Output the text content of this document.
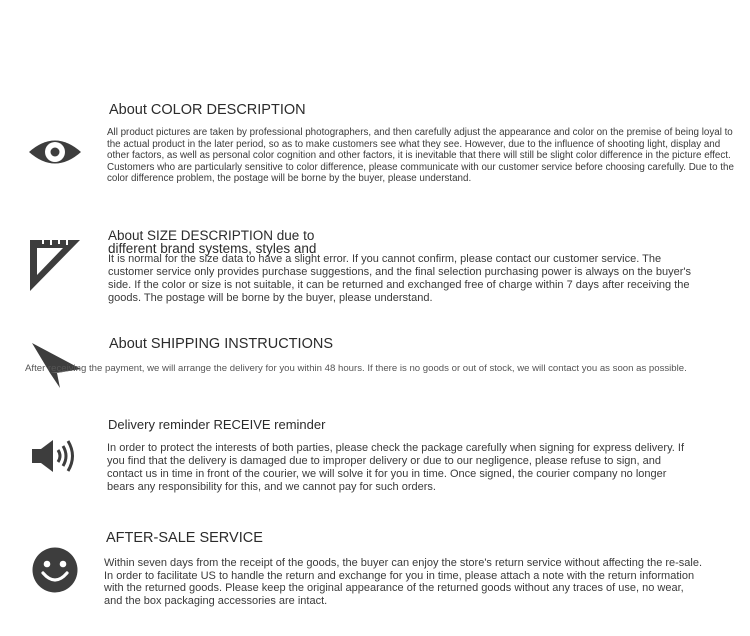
About COLOR DESCRIPTION
All product pictures are taken by professional photographers, and then carefully adjust the appearance and color on the premise of being loyal to the actual product in the later period, so as to make customers see what they see. However, due to the influence of shooting light, display and other factors, as well as personal color cognition and other factors, it is inevitable that there will still be slight color difference in the picture effect. Customers who are particularly sensitive to color difference, please communicate with our customer service before choosing carefully. Due to the color difference problem, the postage will be borne by the buyer, please understand.
About SIZE DESCRIPTION due to
different brand systems, styles and
It is normal for the size data to have a slight error. If you cannot confirm, please contact our customer service. The customer service only provides purchase suggestions, and the final selection purchasing power is always on the buyer's side. If the color or size is not suitable, it can be returned and exchanged free of charge within 7 days after receiving the goods. The postage will be borne by the buyer, please understand.
About SHIPPING INSTRUCTIONS
After receiving the payment, we will arrange the delivery for you within 48 hours. If there is no goods or out of stock, we will contact you as soon as possible.
Delivery reminder RECEIVE reminder
In order to protect the interests of both parties, please check the package carefully when signing for express delivery. If you find that the delivery is damaged due to improper delivery or due to our negligence, please refuse to sign, and contact us in time in front of the courier, we will solve it for you in time. Once signed, the courier company no longer bears any responsibility for this, and we cannot pay for such orders.
AFTER-SALE SERVICE
Within seven days from the receipt of the goods, the buyer can enjoy the store's return service without affecting the re-sale. In order to facilitate US to handle the return and exchange for you in time, please attach a note with the return information with the returned goods. Please keep the original appearance of the returned goods without any traces of use, no wear, and the box packaging accessories are intact.
